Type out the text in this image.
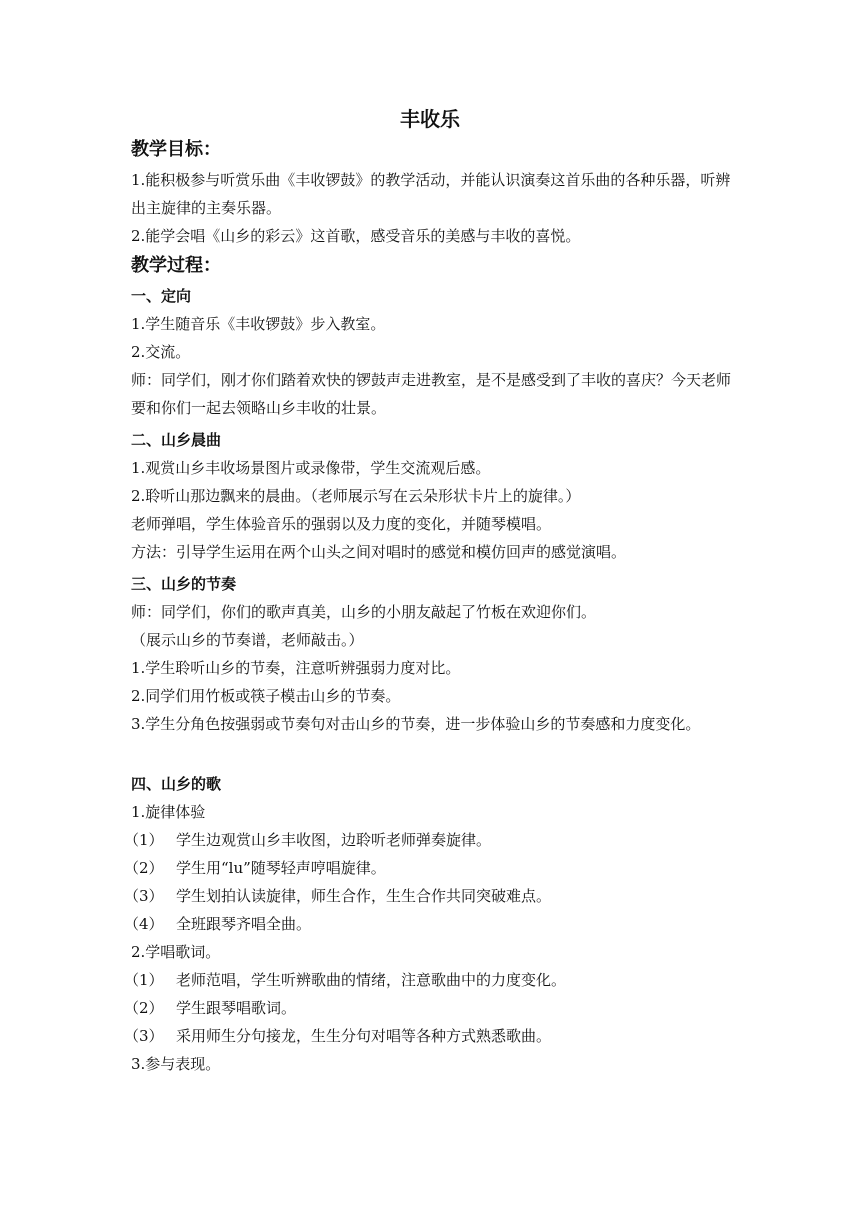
丰收乐
教学目标：
1.能积极参与听赏乐曲《丰收锣鼓》的教学活动，并能认识演奏这首乐曲的各种乐器，听辨出主旋律的主奏乐器。
2.能学会唱《山乡的彩云》这首歌，感受音乐的美感与丰收的喜悦。
教学过程：
一、定向
1.学生随音乐《丰收锣鼓》步入教室。
2.交流。
师：同学们，刚才你们踏着欢快的锣鼓声走进教室，是不是感受到了丰收的喜庆？今天老师要和你们一起去领略山乡丰收的壮景。
二、山乡晨曲
1.观赏山乡丰收场景图片或录像带，学生交流观后感。
2.聆听山那边飘来的晨曲。（老师展示写在云朵形状卡片上的旋律。）
老师弹唱，学生体验音乐的强弱以及力度的变化，并随琴模唱。
方法：引导学生运用在两个山头之间对唱时的感觉和模仿回声的感觉演唱。
三、山乡的节奏
师：同学们，你们的歌声真美，山乡的小朋友敲起了竹板在欢迎你们。
（展示山乡的节奏谱，老师敲击。）
1.学生聆听山乡的节奏，注意听辨强弱力度对比。
2.同学们用竹板或筷子模击山乡的节奏。
3.学生分角色按强弱或节奏句对击山乡的节奏，进一步体验山乡的节奏感和力度变化。
四、山乡的歌
1.旋律体验
（1） 学生边观赏山乡丰收图，边聆听老师弹奏旋律。
（2） 学生用“lu”随琴轻声哼唱旋律。
（3） 学生划拍认读旋律，师生合作，生生合作共同突破难点。
（4） 全班跟琴齐唱全曲。
2.学唱歌词。
（1） 老师范唱，学生听辨歌曲的情绪，注意歌曲中的力度变化。
（2） 学生跟琴唱歌词。
（3） 采用师生分句接龙，生生分句对唱等各种方式熟悉歌曲。
3.参与表现。
